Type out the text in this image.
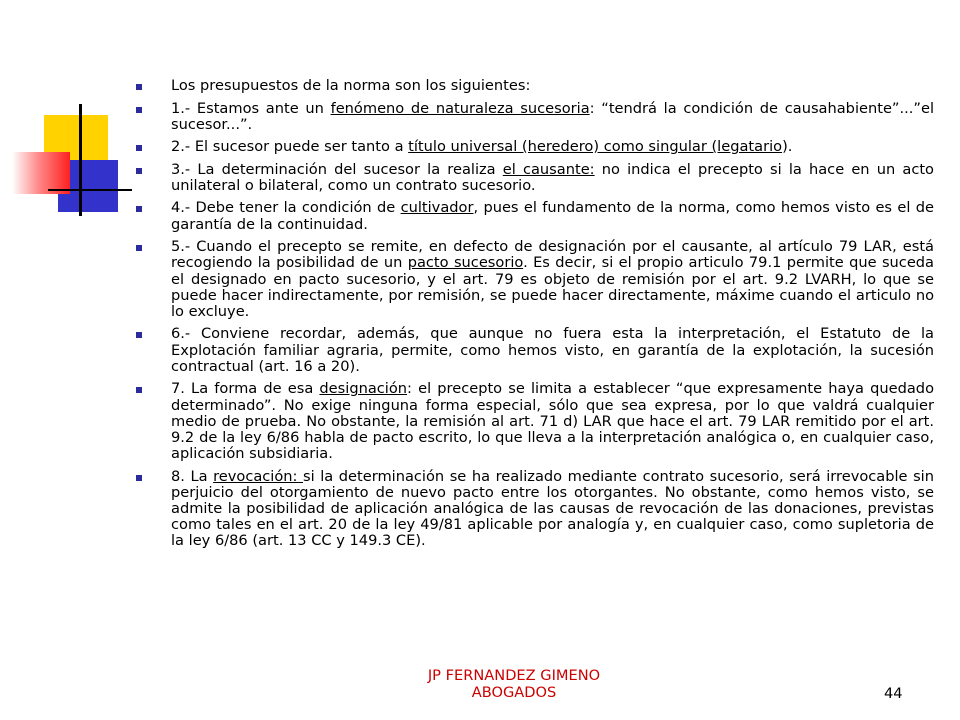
Los presupuestos de la norma son los siguientes:
1.- Estamos ante un fenómeno de naturaleza sucesoria: “tendrá la condición de causahabiente”...”el sucesor...”.
2.- El sucesor puede ser tanto a título universal (heredero) como singular (legatario).
3.- La determinación del sucesor la realiza el causante: no indica el precepto si la hace en un acto unilateral o bilateral, como un contrato sucesorio.
4.- Debe tener la condición de cultivador, pues el fundamento de la norma, como hemos visto es el de garantía de la continuidad.
5.- Cuando el precepto se remite, en defecto de designación por el causante, al artículo 79 LAR, está recogiendo la posibilidad de un pacto sucesorio. Es decir, si el propio articulo 79.1 permite que suceda el designado en pacto sucesorio, y el art. 79 es objeto de remisión por el art. 9.2 LVARH, lo que se puede hacer indirectamente, por remisión, se puede hacer directamente, máxime cuando el articulo no lo excluye.
6.- Conviene recordar, además, que aunque no fuera esta la interpretación, el Estatuto de la Explotación familiar agraria, permite, como hemos visto, en garantía de la explotación, la sucesión contractual (art. 16 a 20).
7. La forma de esa designación: el precepto se limita a establecer “que expresamente haya quedado determinado”. No exige ninguna forma especial, sólo que sea expresa, por lo que valdrá cualquier medio de prueba. No obstante, la remisión al art. 71 d) LAR que hace el art. 79 LAR remitido por el art. 9.2 de la ley 6/86 habla de pacto escrito, lo que lleva a la interpretación analógica o, en cualquier caso, aplicación subsidiaria.
8. La revocación: si la determinación se ha realizado mediante contrato sucesorio, será irrevocable sin perjuicio del otorgamiento de nuevo pacto entre los otorgantes. No obstante, como hemos visto, se admite la posibilidad de aplicación analógica de las causas de revocación de las donaciones, previstas como tales en el art. 20 de la ley 49/81 aplicable por analogía y, en cualquier caso, como supletoria de la ley 6/86 (art. 13 CC y 149.3 CE).
JP FERNANDEZ GIMENO
ABOGADOS	44
